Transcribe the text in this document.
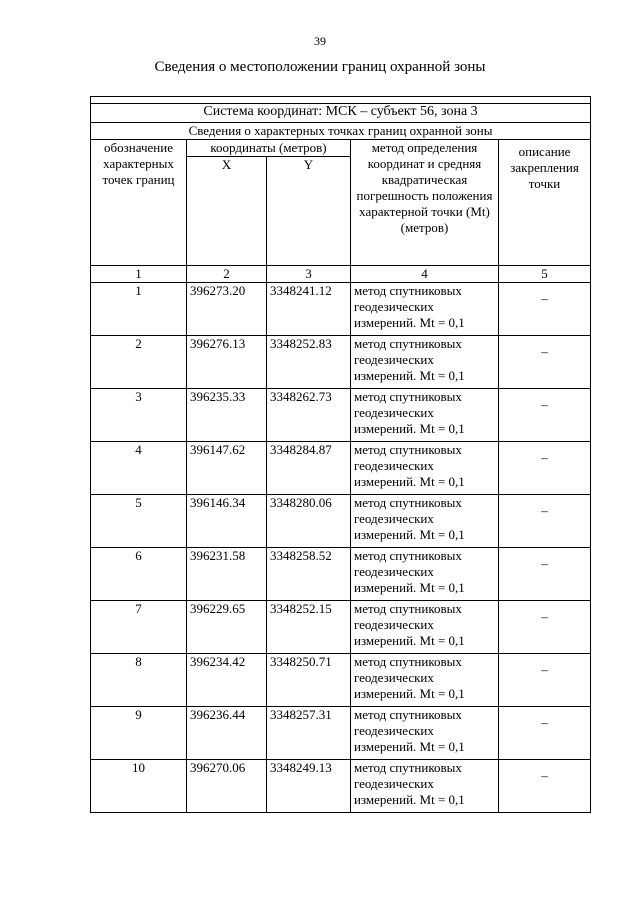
39
Сведения о местоположении границ охранной зоны

Система координат: МСК – субъект 56, зона 3				
Сведения о характерных точках границ охранной зоны				
обозначение характерных точек границ	координаты (метров)		метод определения координат и средняя квадратическая погрешность положения характерной точки (Mt) (метров)	описание закрепления точки
	X	Y		
1	2	3	4	5
1	396273.20	3348241.12	метод спутниковых геодезических измерений. Mt = 0,1	–
2	396276.13	3348252.83	метод спутниковых геодезических измерений. Mt = 0,1	–
3	396235.33	3348262.73	метод спутниковых геодезических измерений. Mt = 0,1	–
4	396147.62	3348284.87	метод спутниковых геодезических измерений. Mt = 0,1	–
5	396146.34	3348280.06	метод спутниковых геодезических измерений. Mt = 0,1	–
6	396231.58	3348258.52	метод спутниковых геодезических измерений. Mt = 0,1	–
7	396229.65	3348252.15	метод спутниковых геодезических измерений. Mt = 0,1	–
8	396234.42	3348250.71	метод спутниковых геодезических измерений. Mt = 0,1	–
9	396236.44	3348257.31	метод спутниковых геодезических измерений. Mt = 0,1	–
10	396270.06	3348249.13	метод спутниковых геодезических измерений. Mt = 0,1	–
